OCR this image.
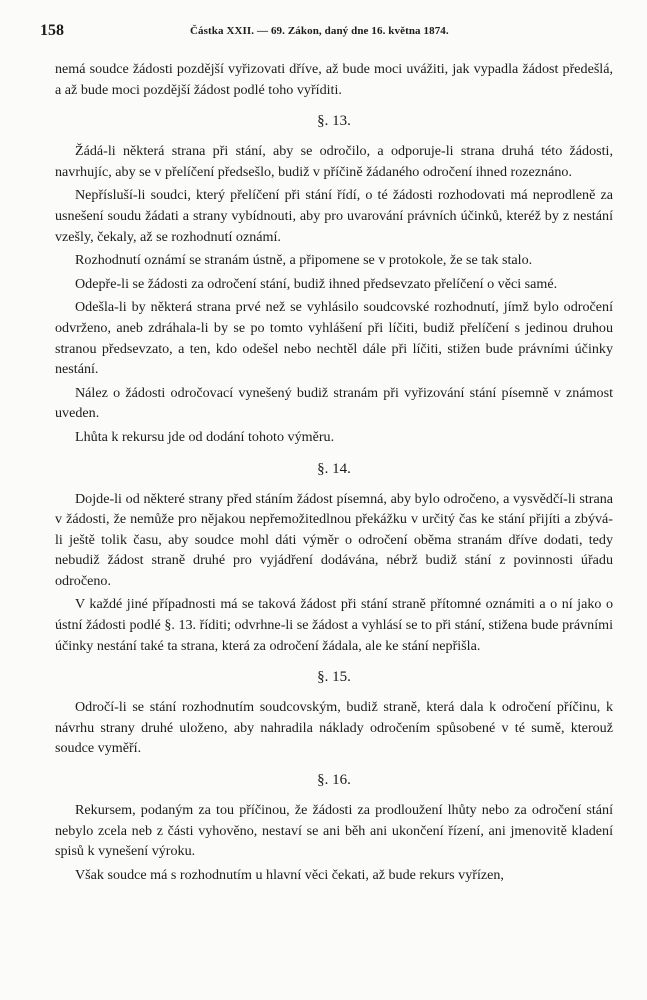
158	Částka XXII. — 69. Zákon, daný dne 16. května 1874.

nemá soudce žádosti pozdější vyřizovati dříve, až bude moci uvážiti, jak vypadla žádost předešlá, a až bude moci pozdější žádost podlé toho vyříditi.

§. 13.

Žádá-li některá strana při stání, aby se odročilo, a odporuje-li strana druhá této žádosti, navrhujíc, aby se v přelíčení předsešlo, budiž v příčině žádaného odročení ihned rozeznáno.

Nepřísluší-li soudci, který přelíčení při stání řídí, o té žádosti rozhodovati má neprodleně za usnešení soudu žádati a strany vybídnouti, aby pro uvarování právních účinků, kteréž by z nestání vzešly, čekaly, až se rozhodnutí oznámí.

Rozhodnutí oznámí se stranám ústně, a připomene se v protokole, že se tak stalo.

Odepře-li se žádosti za odročení stání, budiž ihned předsevzato přelíčení o věci samé.

Odešla-li by některá strana prvé než se vyhlásilo soudcovské rozhodnutí, jímž bylo odročení odvrženo, aneb zdráhala-li by se po tomto vyhlášení při líčiti, budiž přelíčení s jedinou druhou stranou předsevzato, a ten, kdo odešel nebo nechtěl dále při líčiti, stižen bude právními účinky nestání.

Nález o žádosti odročovací vynešený budiž stranám při vyřizování stání písemně v známost uveden.

Lhůta k rekursu jde od dodání tohoto výměru.

§. 14.

Dojde-li od některé strany před stáním žádost písemná, aby bylo odročeno, a vysvědčí-li strana v žádosti, že nemůže pro nějakou nepřemožitedlnou překážku v určitý čas ke stání přijíti a zbývá-li ještě tolik času, aby soudce mohl dáti výměr o odročení oběma stranám dříve dodati, tedy nebudiž žádost straně druhé pro vyjádření dodávána, nébrž budiž stání z povinnosti úřadu odročeno.

V každé jiné případnosti má se taková žádost při stání straně přítomné oznámiti a o ní jako o ústní žádosti podlé §. 13. říditi; odvrhne-li se žádost a vyhlásí se to při stání, stižena bude právními účinky nestání také ta strana, která za odročení žádala, ale ke stání nepřišla.

§. 15.

Odročí-li se stání rozhodnutím soudcovským, budiž straně, která dala k odročení příčinu, k návrhu strany druhé uloženo, aby nahradila náklady odročením spůsobené v té sumě, kterouž soudce vyměří.

§. 16.

Rekursem, podaným za tou příčinou, že žádosti za prodloužení lhůty nebo za odročení stání nebylo zcela neb z části vyhověno, nestaví se ani běh ani ukončení řízení, ani jmenovitě kladení spisů k vynešení výroku.

Však soudce má s rozhodnutím u hlavní věci čekati, až bude rekurs vyřízen,
